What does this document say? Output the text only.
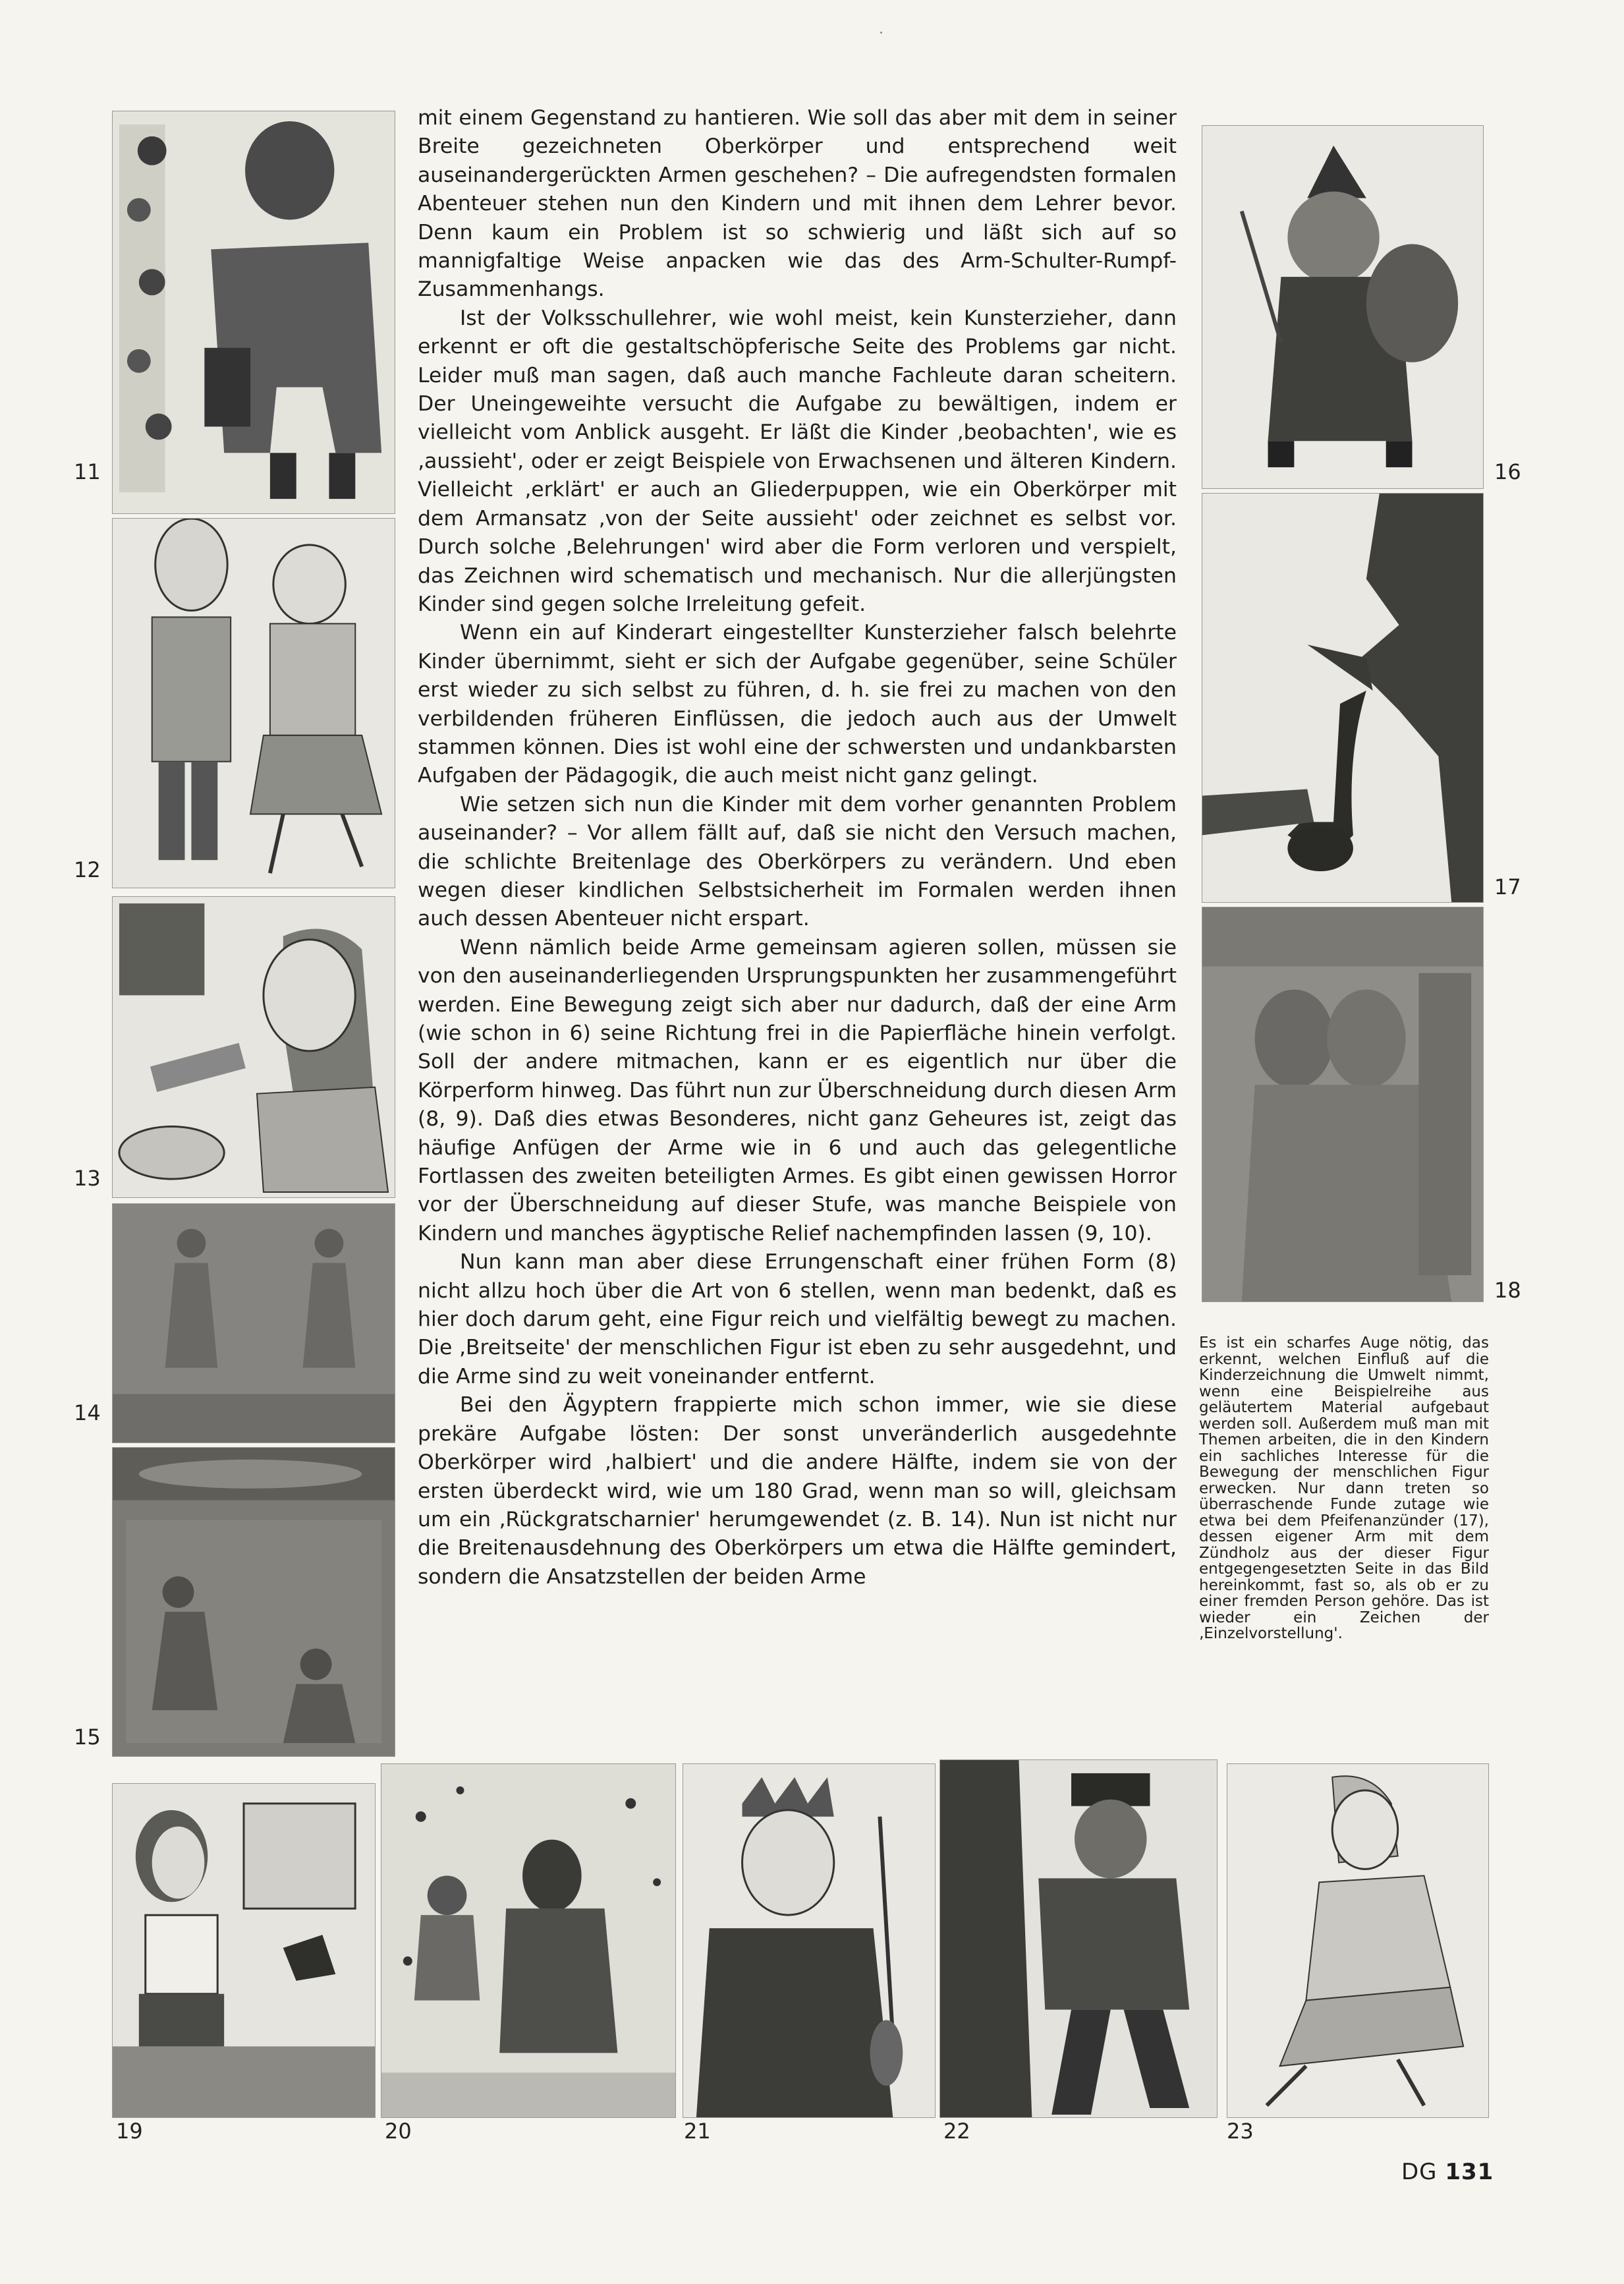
11
12
13
14
15
16
17
18
19	20	21	22	23

mit einem Gegenstand zu hantieren. Wie soll das aber mit dem in seiner Breite gezeichneten Oberkörper und entsprechend weit auseinandergerückten Armen geschehen? – Die aufregendsten formalen Abenteuer stehen nun den Kindern und mit ihnen dem Lehrer bevor. Denn kaum ein Problem ist so schwierig und läßt sich auf so mannigfaltige Weise anpacken wie das des Arm-Schulter-Rumpf-Zusammenhangs.

Ist der Volksschullehrer, wie wohl meist, kein Kunsterzieher, dann erkennt er oft die gestaltschöpferische Seite des Problems gar nicht. Leider muß man sagen, daß auch manche Fachleute daran scheitern. Der Uneingeweihte versucht die Aufgabe zu bewältigen, indem er vielleicht vom Anblick ausgeht. Er läßt die Kinder ‚beobachten', wie es ‚aussieht', oder er zeigt Beispiele von Erwachsenen und älteren Kindern. Vielleicht ‚erklärt' er auch an Gliederpuppen, wie ein Oberkörper mit dem Armansatz ‚von der Seite aussieht' oder zeichnet es selbst vor. Durch solche ‚Belehrungen' wird aber die Form verloren und verspielt, das Zeichnen wird schematisch und mechanisch. Nur die allerjüngsten Kinder sind gegen solche Irreleitung gefeit.

Wenn ein auf Kinderart eingestellter Kunsterzieher falsch belehrte Kinder übernimmt, sieht er sich der Aufgabe gegenüber, seine Schüler erst wieder zu sich selbst zu führen, d. h. sie frei zu machen von den verbildenden früheren Einflüssen, die jedoch auch aus der Umwelt stammen können. Dies ist wohl eine der schwersten und undankbarsten Aufgaben der Pädagogik, die auch meist nicht ganz gelingt.

Wie setzen sich nun die Kinder mit dem vorher genannten Problem auseinander? – Vor allem fällt auf, daß sie nicht den Versuch machen, die schlichte Breitenlage des Oberkörpers zu verändern. Und eben wegen dieser kindlichen Selbstsicherheit im Formalen werden ihnen auch dessen Abenteuer nicht erspart.

Wenn nämlich beide Arme gemeinsam agieren sollen, müssen sie von den auseinanderliegenden Ursprungspunkten her zusammengeführt werden. Eine Bewegung zeigt sich aber nur dadurch, daß der eine Arm (wie schon in 6) seine Richtung frei in die Papierfläche hinein verfolgt. Soll der andere mitmachen, kann er es eigentlich nur über die Körperform hinweg. Das führt nun zur Überschneidung durch diesen Arm (8, 9). Daß dies etwas Besonderes, nicht ganz Geheures ist, zeigt das häufige Anfügen der Arme wie in 6 und auch das gelegentliche Fortlassen des zweiten beteiligten Armes. Es gibt einen gewissen Horror vor der Überschneidung auf dieser Stufe, was manche Beispiele von Kindern und manches ägyptische Relief nachempfinden lassen (9, 10).

Nun kann man aber diese Errungenschaft einer frühen Form (8) nicht allzu hoch über die Art von 6 stellen, wenn man bedenkt, daß es hier doch darum geht, eine Figur reich und vielfältig bewegt zu machen. Die ‚Breitseite' der menschlichen Figur ist eben zu sehr ausgedehnt, und die Arme sind zu weit voneinander entfernt.

Bei den Ägyptern frappierte mich schon immer, wie sie diese prekäre Aufgabe lösten: Der sonst unveränderlich ausgedehnte Oberkörper wird ‚halbiert' und die andere Hälfte, indem sie von der ersten überdeckt wird, wie um 180 Grad, wenn man so will, gleichsam um ein ‚Rückgratscharnier' herumgewendet (z. B. 14). Nun ist nicht nur die Breitenausdehnung des Oberkörpers um etwa die Hälfte gemindert, sondern die Ansatzstellen der beiden Arme

Es ist ein scharfes Auge nötig, das erkennt, welchen Einfluß auf die Kinderzeichnung die Umwelt nimmt, wenn eine Beispielreihe aus geläutertem Material aufgebaut werden soll. Außerdem muß man mit Themen arbeiten, die in den Kindern ein sachliches Interesse für die Bewegung der menschlichen Figur erwecken. Nur dann treten so überraschende Funde zutage wie etwa bei dem Pfeifenanzünder (17), dessen eigener Arm mit dem Zündholz aus der dieser Figur entgegengesetzten Seite in das Bild hereinkommt, fast so, als ob er zu einer fremden Person gehöre. Das ist wieder ein Zeichen der ‚Einzelvorstellung'.

DG 131
